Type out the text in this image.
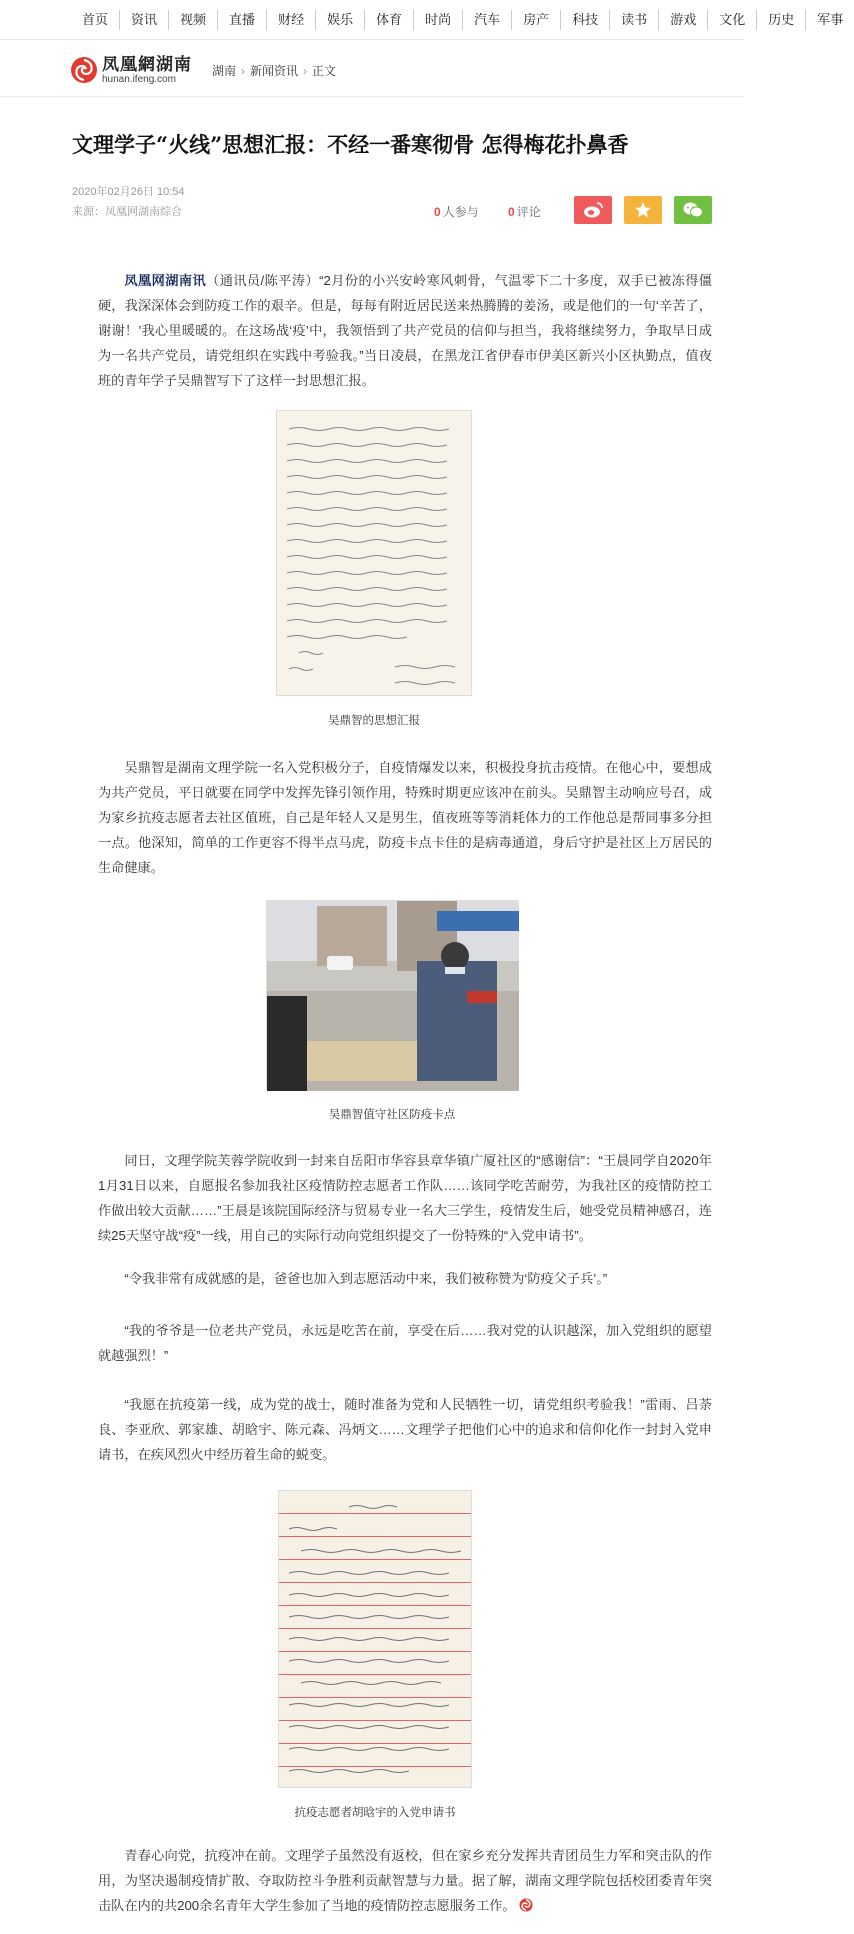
首页	资讯	视频	直播	财经	娱乐	体育	时尚	汽车	房产	科技	读书	游戏	文化	历史	军事
凤凰網湖南
hunan.ifeng.com
湖南 › 新闻资讯 › 正文
文理学子“火线”思想汇报：不经一番寒彻骨 怎得梅花扑鼻香
2020年02月26日 10:54
来源：凤凰网湖南综合	0 人参与 0 评论

凤凰网湖南讯（通讯员/陈平涛）“2月份的小兴安岭寒风刺骨，气温零下二十多度，双手已被冻得僵硬，我深深体会到防疫工作的艰辛。但是，每每有附近居民送来热腾腾的姜汤，或是他们的一句‘辛苦了，谢谢！’我心里暖暖的。在这场战‘疫’中，我领悟到了共产党员的信仰与担当，我将继续努力，争取早日成为一名共产党员，请党组织在实践中考验我。”当日凌晨，在黑龙江省伊春市伊美区新兴小区执勤点，值夜班的青年学子吴鼎智写下了这样一封思想汇报。

吴鼎智的思想汇报

吴鼎智是湖南文理学院一名入党积极分子，自疫情爆发以来，积极投身抗击疫情。在他心中，要想成为共产党员，平日就要在同学中发挥先锋引领作用，特殊时期更应该冲在前头。吴鼎智主动响应号召，成为家乡抗疫志愿者去社区值班，自己是年轻人又是男生，值夜班等等消耗体力的工作他总是帮同事多分担一点。他深知，简单的工作更容不得半点马虎，防疫卡点卡住的是病毒通道，身后守护是社区上万居民的生命健康。

吴鼎智值守社区防疫卡点

同日，文理学院芙蓉学院收到一封来自岳阳市华容县章华镇广厦社区的“感谢信”：“王晨同学自2020年1月31日以来，自愿报名参加我社区疫情防控志愿者工作队……该同学吃苦耐劳，为我社区的疫情防控工作做出较大贡献……”王晨是该院国际经济与贸易专业一名大三学生，疫情发生后，她受党员精神感召，连续25天坚守战“疫”一线，用自己的实际行动向党组织提交了一份特殊的“入党申请书”。

“令我非常有成就感的是，爸爸也加入到志愿活动中来，我们被称赞为‘防疫父子兵’。”

“我的爷爷是一位老共产党员，永远是吃苦在前，享受在后……我对党的认识越深，加入党组织的愿望就越强烈！”

“我愿在抗疫第一线，成为党的战士，随时准备为党和人民牺牲一切，请党组织考验我！”雷雨、吕荼良、李亚欣、郭家雄、胡晗宇、陈元森、冯炳文……文理学子把他们心中的追求和信仰化作一封封入党申请书，在疾风烈火中经历着生命的蜕变。

抗疫志愿者胡晗宇的入党申请书

青春心向党，抗疫冲在前。文理学子虽然没有返校，但在家乡充分发挥共青团员生力军和突击队的作用，为坚决遏制疫情扩散、夺取防控斗争胜利贡献智慧与力量。据了解，湖南文理学院包括校团委青年突击队在内的共200余名青年大学生参加了当地的疫情防控志愿服务工作。
